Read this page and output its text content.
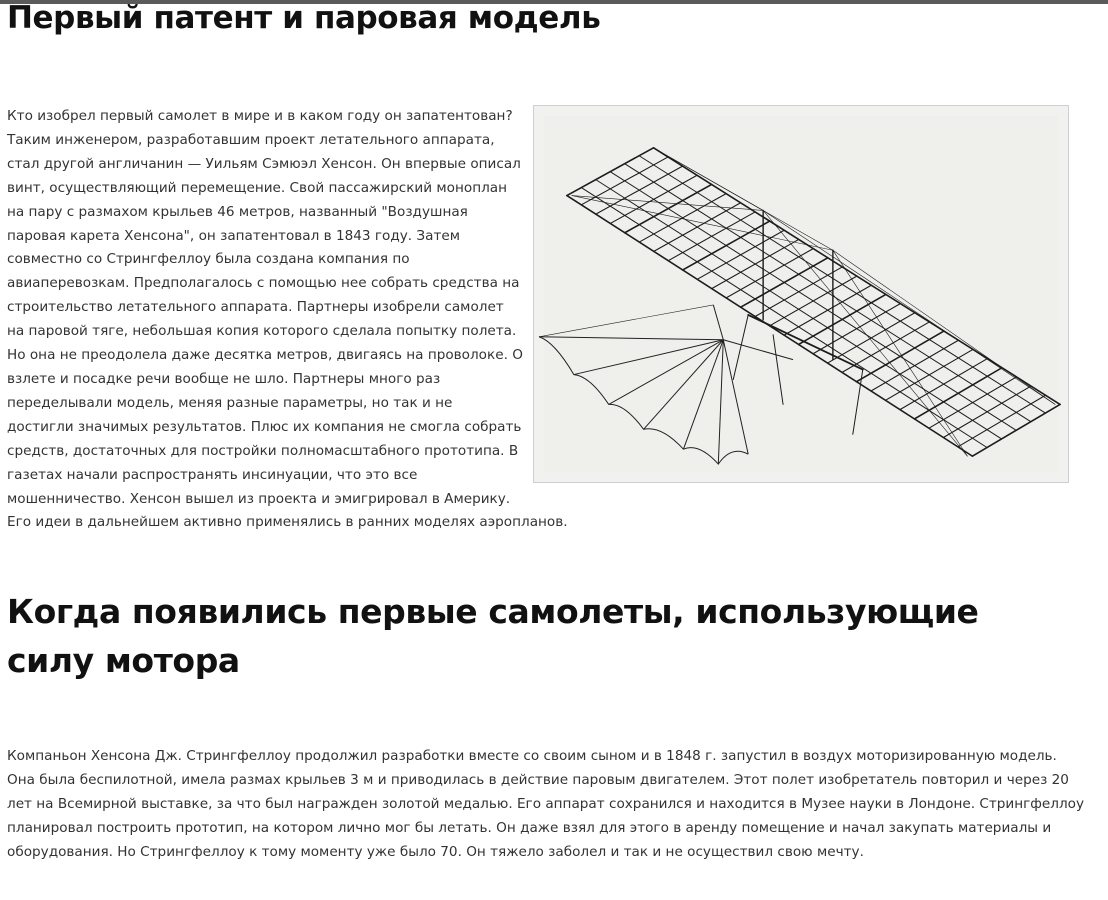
Первый патент и паровая модель

Кто изобрел первый самолет в мире и в каком году он запатентован? Таким инженером, разработавшим проект летательного аппарата, стал другой англичанин — Уильям Сэмюэл Хенсон. Он впервые описал винт, осуществляющий перемещение. Свой пассажирский моноплан на пару с размахом крыльев 46 метров, названный "Воздушная паровая карета Хенсона", он запатентовал в 1843 году. Затем совместно со Стрингфеллоу была создана компания по авиаперевозкам. Предполагалось с помощью нее собрать средства на строительство летательного аппарата. Партнеры изобрели самолет на паровой тяге, небольшая копия которого сделала попытку полета. Но она не преодолела даже десятка метров, двигаясь на проволоке. О взлете и посадке речи вообще не шло. Партнеры много раз переделывали модель, меняя разные параметры, но так и не достигли значимых результатов. Плюс их компания не смогла собрать средств, достаточных для постройки полномасштабного прототипа. В газетах начали распространять инсинуации, что это все мошенничество. Хенсон вышел из проекта и эмигрировал в Америку. Его идеи в дальнейшем активно применялись в ранних моделях аэропланов.

Когда появились первые самолеты, использующие силу мотора

Компаньон Хенсона Дж. Стрингфеллоу продолжил разработки вместе со своим сыном и в 1848 г. запустил в воздух моторизированную модель. Она была беспилотной, имела размах крыльев 3 м и приводилась в действие паровым двигателем. Этот полет изобретатель повторил и через 20 лет на Всемирной выставке, за что был награжден золотой медалью. Его аппарат сохранился и находится в Музее науки в Лондоне. Стрингфеллоу планировал построить прототип, на котором лично мог бы летать. Он даже взял для этого в аренду помещение и начал закупать материалы и оборудования. Но Стрингфеллоу к тому моменту уже было 70. Он тяжело заболел и так и не осуществил свою мечту.
